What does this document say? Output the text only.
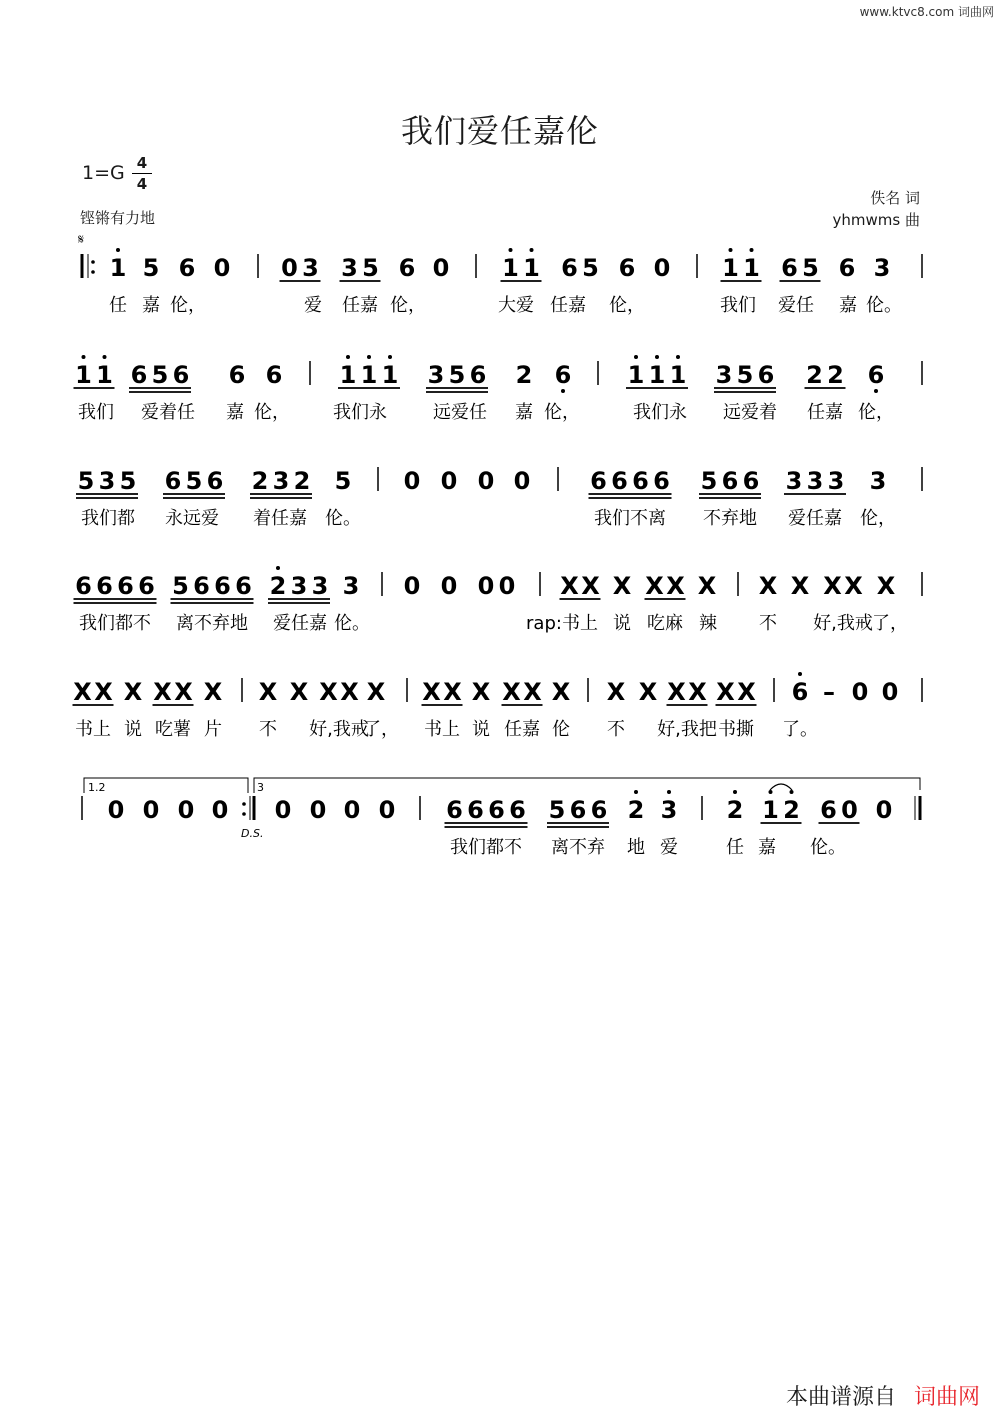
www.ktvc8.com 词曲网
我们爱任嘉伦
1=G 4
4
铿锵有力地
佚名 词
yhmwms 曲
𝄋
1 5 6 0 0 3 3 5 6 0 1 1 6 5 6 0 1 1 6 5 6 3
任 嘉 伦，	爱 任嘉 伦，	大爱 任嘉 伦，	我们 爱任 嘉 伦。
1 1 6 5 6 6 6 1 1 1 3 5 6 2 6 1 1 1 3 5 6 2 2 6
我们 爱着任 嘉 伦， 我们永	远爱任 嘉 伦，	我们永 远爱着 任嘉 伦，
5 3 5 6 5 6 2 3 2 5 0 0 0 0 6 6 6 6 5 6 6 3 3 3 3
我们都 永远爱 着任嘉 伦。	我们不离 不弃地 爱任嘉 伦，
6 6 6 6 5 6 6 6 2 3 3 3 0 0 0 0 X X X X X X X X X X X
我们都不 离不弃地 爱任嘉 伦。	rap:书上 说 吃麻 辣 不 好,我戒 了，
X X X X X X X X X X X X X X X X X X X X X X X 6 – 0 0
书上 说 吃薯 片 不 好,我戒
了， 书上 说 任嘉 伦 不 好,我把 书撕 了。
0 0 0 0 0 0 0 0 6 6 6 6 5 6 6 2 3 2 1 2 6 0 0
我们都不 离不弃 地 爱	任 嘉 伦。
1.2	3
D.S.
本曲谱源自 词曲网
